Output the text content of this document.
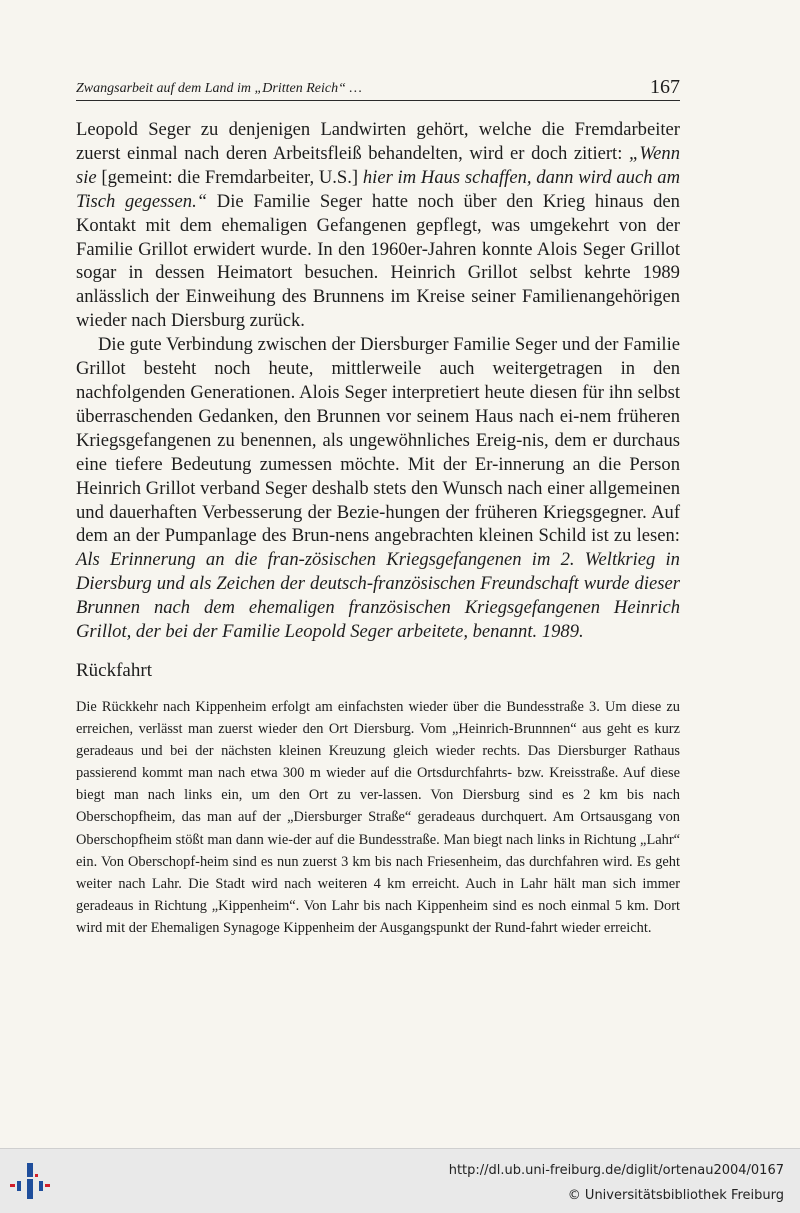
Zwangsarbeit auf dem Land im „Dritten Reich“ …	167

Leopold Seger zu denjenigen Landwirten gehört, welche die Fremdarbeiter zuerst einmal nach deren Arbeitsfleiß behandelten, wird er doch zitiert: „Wenn sie [gemeint: die Fremdarbeiter, U.S.] hier im Haus schaffen, dann wird auch am Tisch gegessen.“ Die Familie Seger hatte noch über den Krieg hinaus den Kontakt mit dem ehemaligen Gefangenen gepflegt, was umgekehrt von der Familie Grillot erwidert wurde. In den 1960er-Jahren konnte Alois Seger Grillot sogar in dessen Heimatort besuchen. Heinrich Grillot selbst kehrte 1989 anlässlich der Einweihung des Brunnens im Kreise seiner Familienangehörigen wieder nach Diersburg zurück.

Die gute Verbindung zwischen der Diersburger Familie Seger und der Familie Grillot besteht noch heute, mittlerweile auch weitergetragen in den nachfolgenden Generationen. Alois Seger interpretiert heute diesen für ihn selbst überraschenden Gedanken, den Brunnen vor seinem Haus nach ei-nem früheren Kriegsgefangenen zu benennen, als ungewöhnliches Ereig-nis, dem er durchaus eine tiefere Bedeutung zumessen möchte. Mit der Er-innerung an die Person Heinrich Grillot verband Seger deshalb stets den Wunsch nach einer allgemeinen und dauerhaften Verbesserung der Bezie-hungen der früheren Kriegsgegner. Auf dem an der Pumpanlage des Brun-nens angebrachten kleinen Schild ist zu lesen: Als Erinnerung an die fran-zösischen Kriegsgefangenen im 2. Weltkrieg in Diersburg und als Zeichen der deutsch-französischen Freundschaft wurde dieser Brunnen nach dem ehemaligen französischen Kriegsgefangenen Heinrich Grillot, der bei der Familie Leopold Seger arbeitete, benannt. 1989.

Rückfahrt

Die Rückkehr nach Kippenheim erfolgt am einfachsten wieder über die Bundesstraße 3. Um diese zu erreichen, verlässt man zuerst wieder den Ort Diersburg. Vom „Heinrich-Brunnnen“ aus geht es kurz geradeaus und bei der nächsten kleinen Kreuzung gleich wieder rechts. Das Diersburger Rathaus passierend kommt man nach etwa 300 m wieder auf die Ortsdurchfahrts- bzw. Kreisstraße. Auf diese biegt man nach links ein, um den Ort zu ver-lassen. Von Diersburg sind es 2 km bis nach Oberschopfheim, das man auf der „Diersburger Straße“ geradeaus durchquert. Am Ortsausgang von Oberschopfheim stößt man dann wie-der auf die Bundesstraße. Man biegt nach links in Richtung „Lahr“ ein. Von Oberschopf-heim sind es nun zuerst 3 km bis nach Friesenheim, das durchfahren wird. Es geht weiter nach Lahr. Die Stadt wird nach weiteren 4 km erreicht. Auch in Lahr hält man sich immer geradeaus in Richtung „Kippenheim“. Von Lahr bis nach Kippenheim sind es noch einmal 5 km. Dort wird mit der Ehemaligen Synagoge Kippenheim der Ausgangspunkt der Rund-fahrt wieder erreicht.

http://dl.ub.uni-freiburg.de/diglit/ortenau2004/0167
© Universitätsbibliothek Freiburg
